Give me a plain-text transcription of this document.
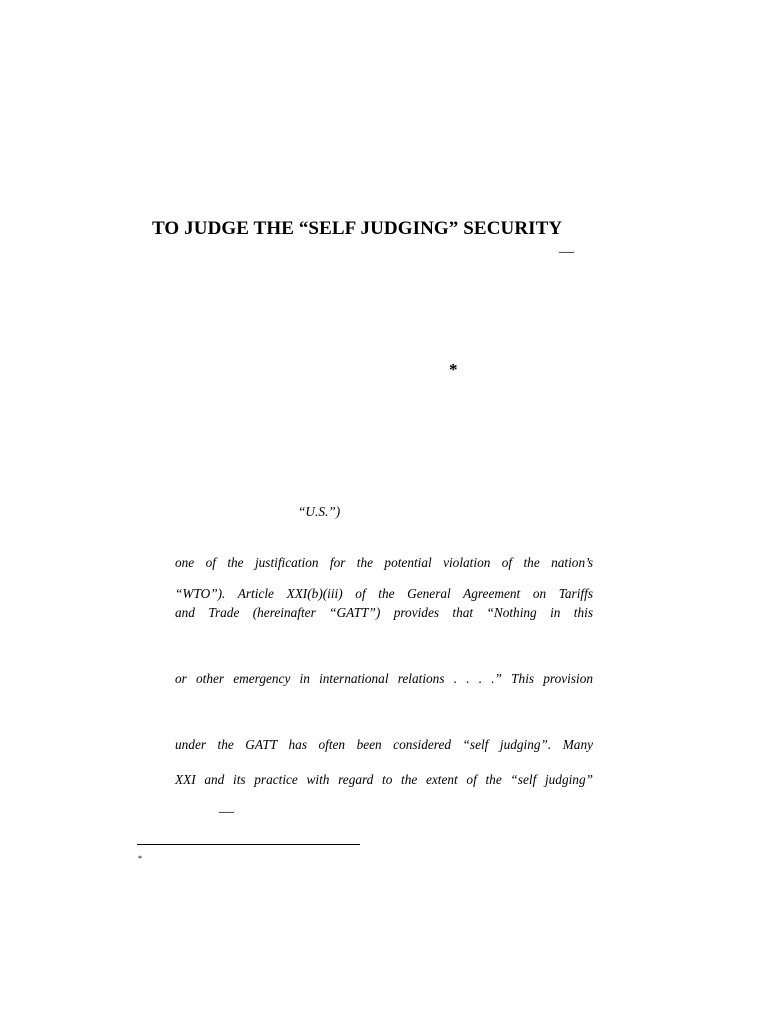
TO JUDGE THE “SELF JUDGING” SECURITY
—
*
“U.S.”)
one of the justification for the potential violation of the nation’s
“WTO”). Article XXI(b)(iii) of the General Agreement on Tariffs
and Trade (hereinafter “GATT”) provides that “Nothing in this
or other emergency in international relations . . . .” This provision
under the GATT has often been considered “self judging”. Many
XXI and its practice with regard to the extent of the “self judging”
—
*
